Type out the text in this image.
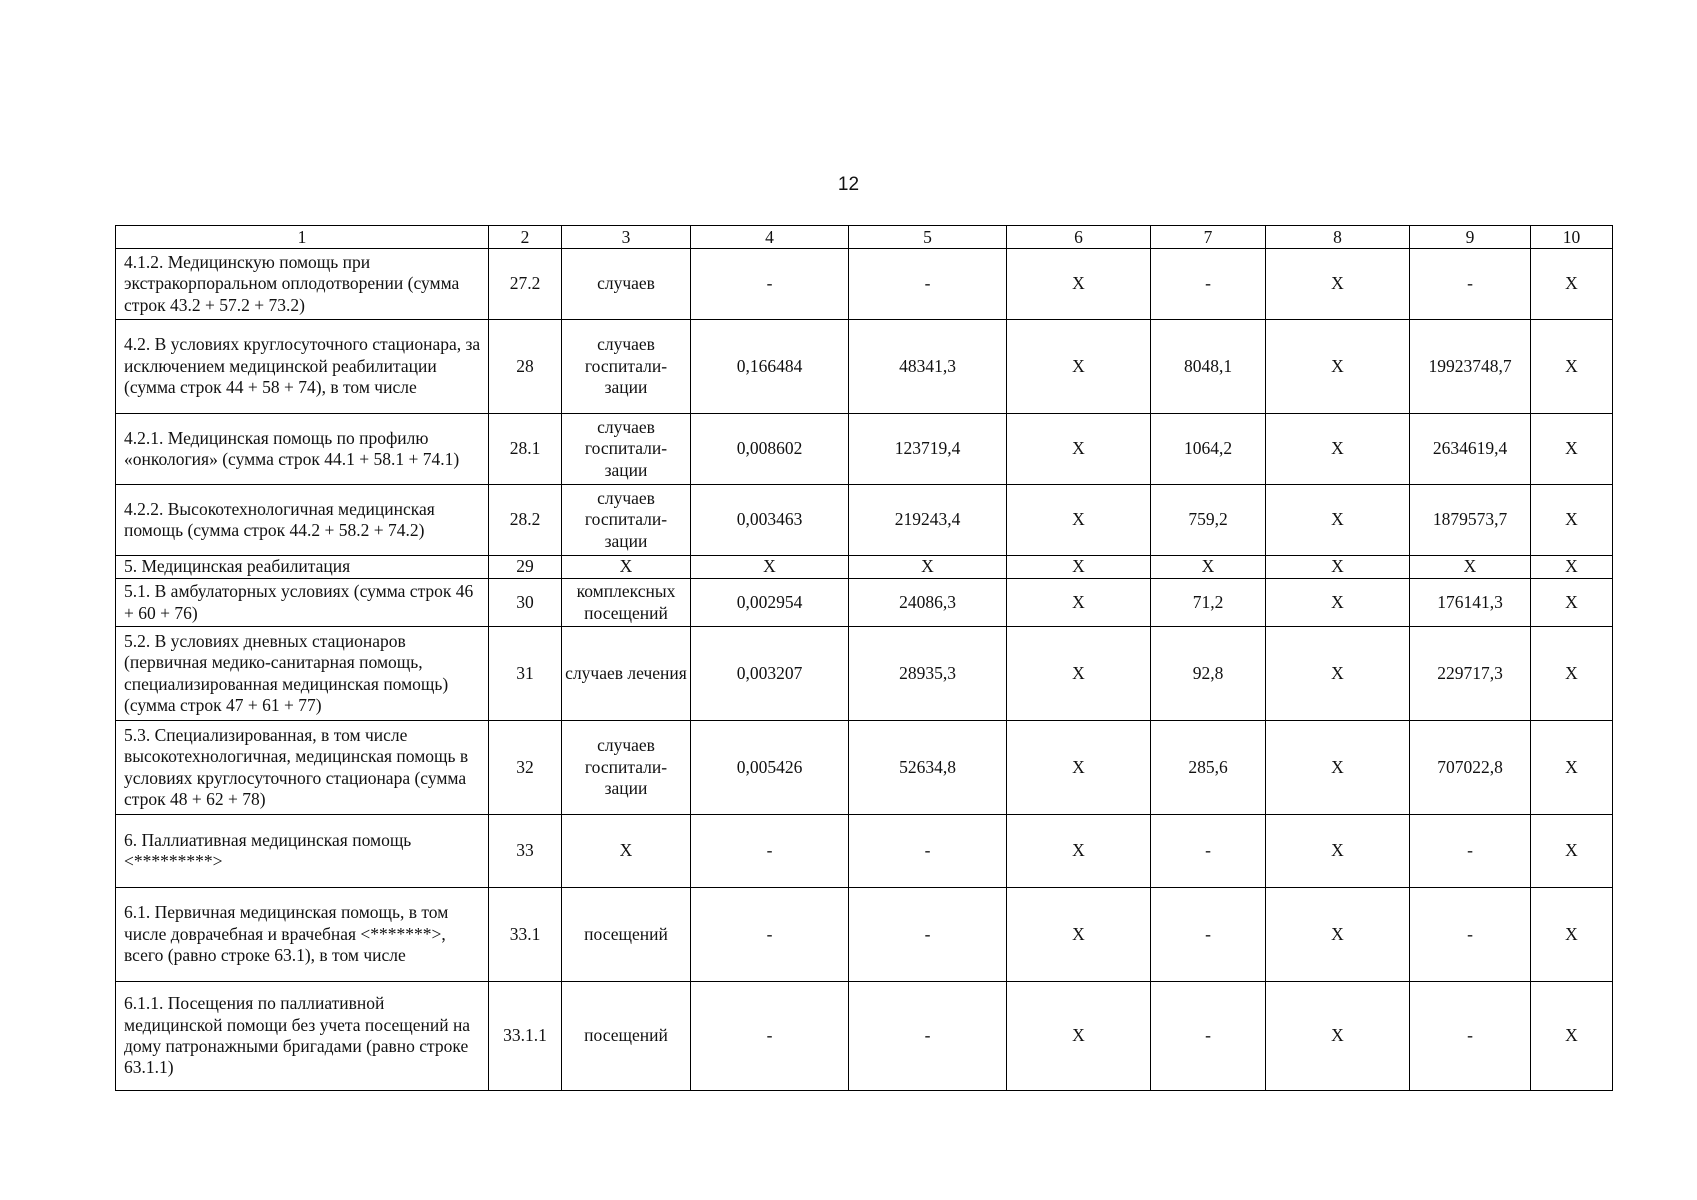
12
1	2	3	4	5	6	7	8	9	10
4.1.2. Медицинскую помощь при экстракорпоральном оплодотворении (сумма строк 43.2 + 57.2 + 73.2)	27.2	случаев	-	-	X	-	X	-	X
4.2. В условиях круглосуточного стационара, за исключением медицинской реабилитации (сумма строк 44 + 58 + 74), в том числе	28	случаев госпитали-зации	0,166484	48341,3	X	8048,1	X	19923748,7	X
4.2.1. Медицинская помощь по профилю «онкология» (сумма строк 44.1 + 58.1 + 74.1)	28.1	случаев госпитали-зации	0,008602	123719,4	X	1064,2	X	2634619,4	X
4.2.2. Высокотехнологичная медицинская помощь (сумма строк 44.2 + 58.2 + 74.2)	28.2	случаев госпитали-зации	0,003463	219243,4	X	759,2	X	1879573,7	X
5. Медицинская реабилитация	29	X	X	X	X	X	X	X	X
5.1. В амбулаторных условиях (сумма строк 46 + 60 + 76)	30	комплексных посещений	0,002954	24086,3	X	71,2	X	176141,3	X
5.2. В условиях дневных стационаров (первичная медико-санитарная помощь, специализированная медицинская помощь) (сумма строк 47 + 61 + 77)	31	случаев лечения	0,003207	28935,3	X	92,8	X	229717,3	X
5.3. Специализированная, в том числе высокотехнологичная, медицинская помощь в условиях круглосуточного стационара (сумма строк 48 + 62 + 78)	32	случаев госпитали-зации	0,005426	52634,8	X	285,6	X	707022,8	X
6. Паллиативная медицинская помощь <*********>	33	X	-	-	X	-	X	-	X
6.1. Первичная медицинская помощь, в том числе доврачебная и врачебная <*******>, всего (равно строке 63.1), в том числе	33.1	посещений	-	-	X	-	X	-	X
6.1.1. Посещения по паллиативной медицинской помощи без учета посещений на дому патронажными бригадами (равно строке 63.1.1)	33.1.1	посещений	-	-	X	-	X	-	X
